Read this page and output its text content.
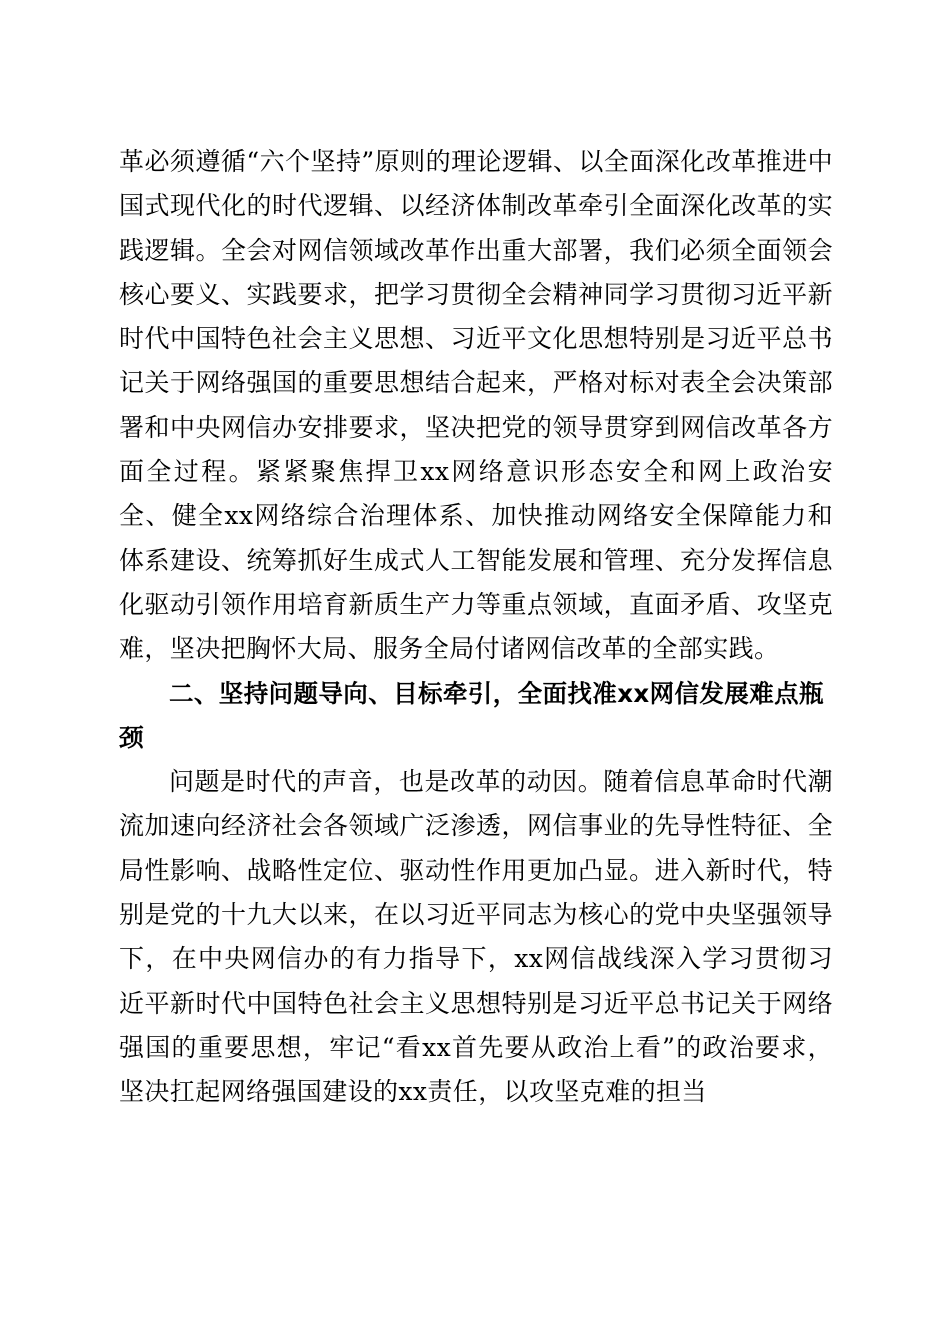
革必须遵循“六个坚持”原则的理论逻辑、以全面深化改革推进中国式现代化的时代逻辑、以经济体制改革牵引全面深化改革的实践逻辑。全会对网信领域改革作出重大部署，我们必须全面领会核心要义、实践要求，把学习贯彻全会精神同学习贯彻习近平新时代中国特色社会主义思想、习近平文化思想特别是习近平总书记关于网络强国的重要思想结合起来，严格对标对表全会决策部署和中央网信办安排要求，坚决把党的领导贯穿到网信改革各方面全过程。紧紧聚焦捍卫xx网络意识形态安全和网上政治安全、健全xx网络综合治理体系、加快推动网络安全保障能力和体系建设、统筹抓好生成式人工智能发展和管理、充分发挥信息化驱动引领作用培育新质生产力等重点领域，直面矛盾、攻坚克难，坚决把胸怀大局、服务全局付诸网信改革的全部实践。

二、坚持问题导向、目标牵引，全面找准xx网信发展难点瓶颈

问题是时代的声音，也是改革的动因。随着信息革命时代潮流加速向经济社会各领域广泛渗透，网信事业的先导性特征、全局性影响、战略性定位、驱动性作用更加凸显。进入新时代，特别是党的十九大以来，在以习近平同志为核心的党中央坚强领导下，在中央网信办的有力指导下，xx网信战线深入学习贯彻习近平新时代中国特色社会主义思想特别是习近平总书记关于网络强国的重要思想，牢记“看xx首先要从政治上看”的政治要求，坚决扛起网络强国建设的xx责任，以攻坚克难的担当
